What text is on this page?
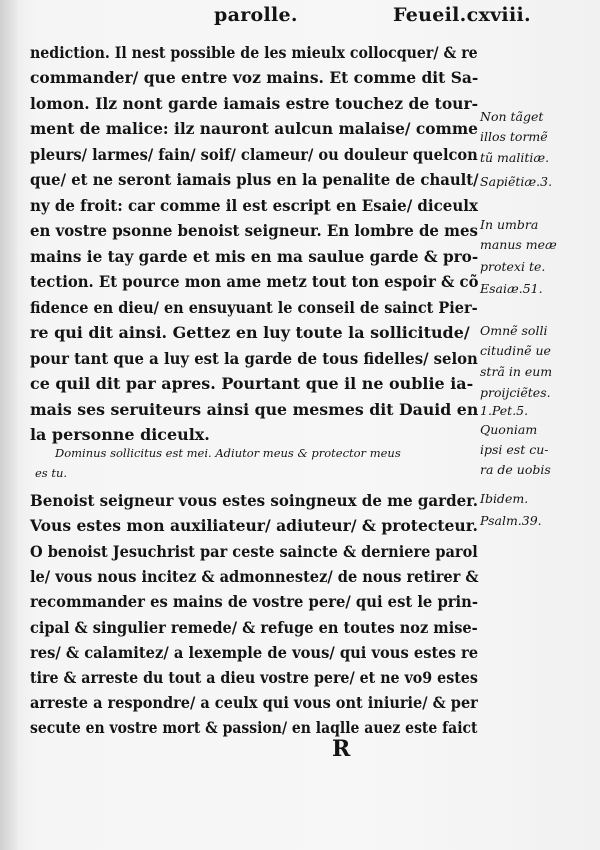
parolle.	Feueil.cxviii.
nediction. Il nest possible de les mieulx collocquer/ & re
commander/ que entre voz mains. Et comme dit Sa-
lomon. Ilz nont garde iamais estre touchez de tour-
ment de malice: ilz nauront aulcun malaise/ comme
pleurs/ larmes/ fain/ soif/ clameur/ ou douleur quelcon
que/ et ne seront iamais plus en la penalite de chault/
ny de froit: car comme il est escript en Esaie/ diceulx
en vostre psonne benoist seigneur. En lombre de mes
mains ie tay garde et mis en ma saulue garde & pro-
tection. Et pource mon ame metz tout ton espoir & cõ
fidence en dieu/ en ensuyuant le conseil de sainct Pier-
re qui dit ainsi. Gettez en luy toute la sollicitude/
pour tant que a luy est la garde de tous fidelles/ selon
ce quil dit par apres. Pourtant que il ne oublie ia-
mais ses seruiteurs ainsi que mesmes dit Dauid en
la personne diceulx.
Dominus sollicitus est mei. Adiutor meus & protector meus
es tu.
Benoist seigneur vous estes soingneux de me garder.
Vous estes mon auxiliateur/ adiuteur/ & protecteur.
O benoist Jesuchrist par ceste saincte & derniere parol
le/ vous nous incitez & admonnestez/ de nous retirer &
recommander es mains de vostre pere/ qui est le prin-
cipal & singulier remede/ & refuge en toutes noz mise-
res/ & calamitez/ a lexemple de vous/ qui vous estes re
tire & arreste du tout a dieu vostre pere/ et ne vo9 estes
arreste a respondre/ a ceulx qui vous ont iniurie/ & per
secute en vostre mort & passion/ en laqlle auez este faict
Non tãget
illos tormẽ
tũ malitiæ.
Sapiẽtiæ.3.
In umbra
manus meæ
protexi te.
Esaiæ.51.
Omnẽ solli
citudinẽ ue
strã in eum
proijciẽtes.
1.Pet.5.
Quoniam
ipsi est cu-
ra de uobis
Ibidem.
Psalm.39.
R
